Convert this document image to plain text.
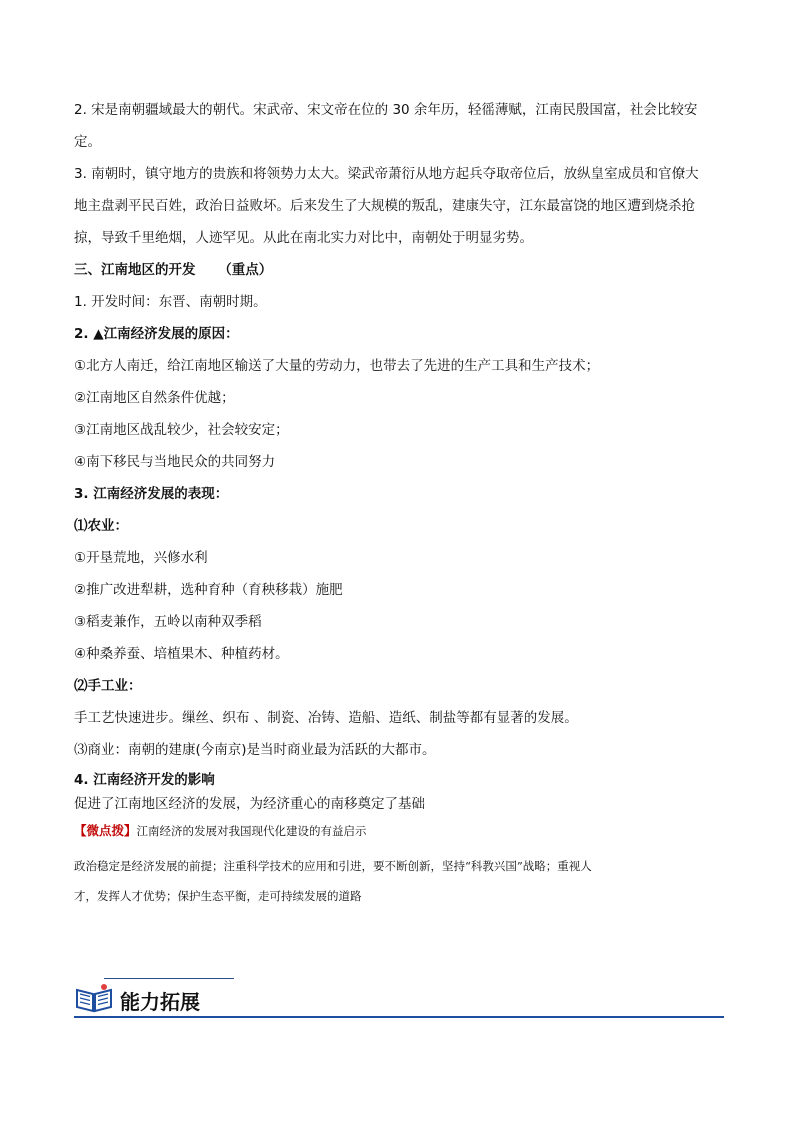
2. 宋是南朝疆域最大的朝代。宋武帝、宋文帝在位的 30 余年历，轻徭薄赋，江南民殷国富，社会比较安
定。
3. 南朝时，镇守地方的贵族和将领势力太大。梁武帝萧衍从地方起兵夺取帝位后，放纵皇室成员和官僚大
地主盘剥平民百姓，政治日益败坏。后来发生了大规模的叛乱，建康失守，江东最富饶的地区遭到烧杀抢
掠，导致千里绝烟，人迹罕见。从此在南北实力对比中，南朝处于明显劣势。
三、江南地区的开发 （重点）
1. 开发时间：东晋、南朝时期。
2. ▲江南经济发展的原因：
①北方人南迁，给江南地区输送了大量的劳动力，也带去了先进的生产工具和生产技术；
②江南地区自然条件优越；
③江南地区战乱较少，社会较安定；
④南下移民与当地民众的共同努力
3. 江南经济发展的表现：
⑴农业：
①开垦荒地，兴修水利
②推广改进犁耕，选种育种（育秧移栽）施肥
③稻麦兼作，五岭以南种双季稻
④种桑养蚕、培植果木、种植药材。
⑵手工业：
手工艺快速进步。缫丝、织布 、制瓷、冶铸、造船、造纸、制盐等都有显著的发展。
⑶商业：南朝的建康(今南京)是当时商业最为活跃的大都市。
4. 江南经济开发的影响
促进了江南地区经济的发展，为经济重心的南移奠定了基础
【微点拨】江南经济的发展对我国现代化建设的有益启示
政治稳定是经济发展的前提；注重科学技术的应用和引进，要不断创新，坚持“科教兴国”战略；重视人
才，发挥人才优势；保护生态平衡，走可持续发展的道路
能力拓展
